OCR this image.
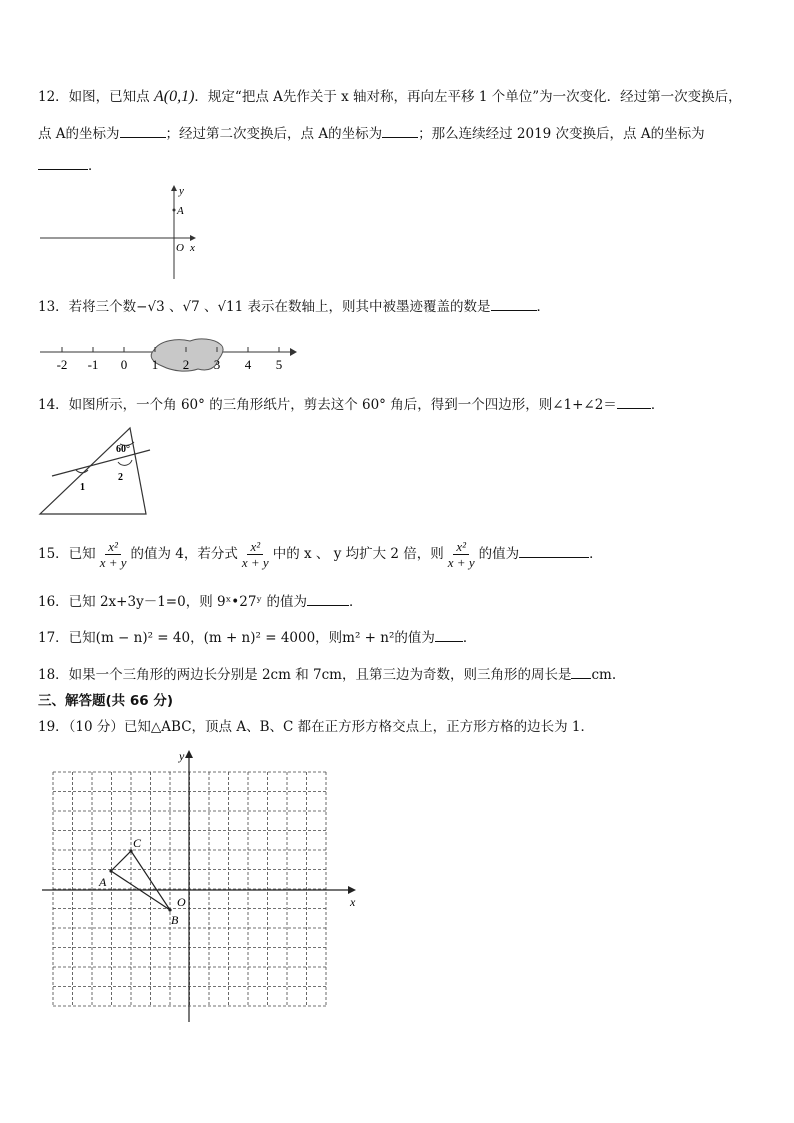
12．如图，已知点 A(0,1)．规定“把点 A先作关于 x 轴对称，再向左平移 1 个单位”为一次变化．经过第一次变换后，
点 A的坐标为	；经过第二次变换后，点 A的坐标为	；那么连续经过 2019 次变换后，点 A的坐标为
．
y
A
O x
13．若将三个数−√3 、√7 、√11 表示在数轴上，则其中被墨迹覆盖的数是	．
-2 -1 0 1 2 3 4 5
14．如图所示，一个角 60° 的三角形纸片，剪去这个 60° 角后，得到一个四边形，则∠1+∠2＝	．
60°
1
2
15．已知 $\frac{\text{x²}}{x + y}$ 的值为 4，若分式 $\frac{\text{x²}}{x + y}$ 中的 x 、 y 均扩大 2 倍，则 $\frac{\text{x²}}{x + y}$ 的值为	．
16．已知 2x+3y－1=0，则 9ˣ•27ʸ 的值为	．
17．已知(m − n)² = 40，(m + n)² = 4000，则m² + n²的值为 ．
18．如果一个三角形的两边长分别是 2cm 和 7cm，且第三边为奇数，则三角形的周长是 cm.
三、解答题(共 66 分)
19．（10 分）已知△ABC，顶点 A、B、C 都在正方形方格交点上，正方形方格的边长为 1．
y
x
O
A
B
C
